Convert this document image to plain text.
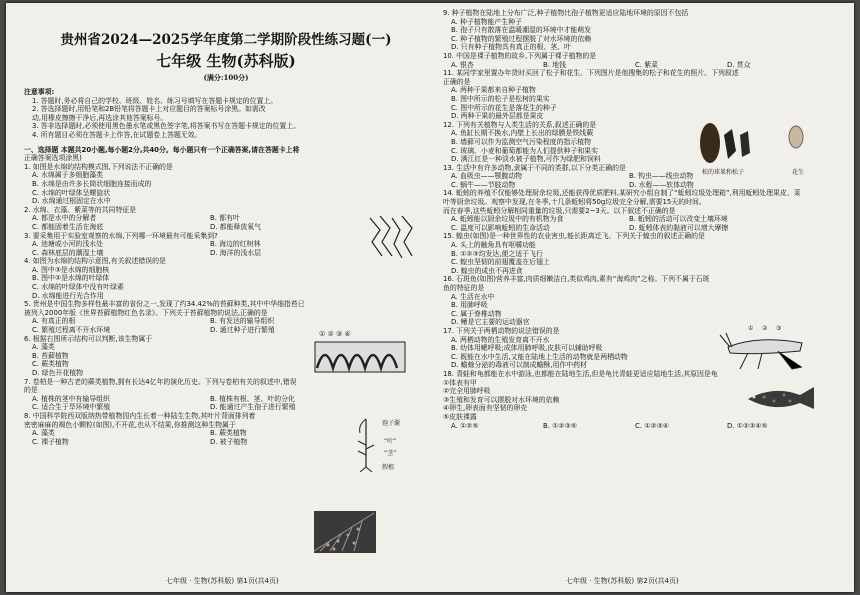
贵州省2024—2025学年度第二学期阶段性练习题(一)
七年级 生物(苏科版)
(满分:100分)
注意事项:
1. 答题时,务必将自己的学校、班级、姓名、练习号填写在答题卡规定的位置上。
2. 答选择题时,用铅笔和2B铅笔将答题卡上对应题目的答案标号涂黑。如需改
动,用橡皮擦擦干净后,再选涂其他答案标号。
3. 答非选择题时,必须使用黑色墨水笔或黑色签字笔,将答案书写在答题卡规定的位置上。
4. 所有题目必须在答题卡上作答,在试题卷上答题无效。
一、选择题 本题共20小题,每小题2分,共40分。每小题只有一个正确答案,请在答题卡上将
正确答案选项涂黑)
1. 如图是水绵的结构模式图,下列说法不正确的是
A. 水绵属于多细胞藻类
B. 水绵是由许多长筒状细胞连接而成的
C. 水绵的叶绿体呈螺旋状
D. 水绵通过根固定在水中
2. 水绵、衣藻、紫菜等的共同特征是
A. 都是水中的分解者	B. 都有叶
C. 都能固着生活在海底	D. 都能释放氧气
3. 要采集用于实验室观察的水绵,下列哪一环境最有可能采集到?
A. 池塘或小河的浅水处	B. 海边的红树林
C. 森林底层的潮湿土壤	D. 海洋的浅水层
4. 如图为水绵的结构示意图,有关叙述错误的是
A. 图中③是水绵的细胞核
B. 图中②是水绵的叶绿体
C. 水绵的叶绿体中没有叶绿素
D. 水绵能进行光合作用
5. 贵州是中国生物多样性最丰富的省份之一,发现了约34.42%的苔藓种类,其中中华细指苔已
被列入2000年版《世界苔藓植物红色名录》。下列关于苔藓植物的说法,正确的是
A. 有真正的根	B. 有发达的输导组织
C. 繁殖过程离不开水环境	D. 通过种子进行繁殖
6. 根据右图所示结构可以判断,该生物属于
A. 藻类
B. 苔藓植物
C. 蕨类植物
D. 绿色开花植物
7. 卷柏是一种古老的蕨类植物,拥有长达4亿年的演化历史。下列与卷柏有关的叙述中,错误
的是
A. 植株的茎中有输导组织	B. 植株有根、茎、叶的分化
C. 适合生于旱环境中繁殖	D. 能通过产生孢子进行繁殖
8. 中国科学院西双版纳热带植物园内生长着一种陆生生物,其叶片背面排列着
密密麻麻的褐色小颗粒(如图),不开花,也从不结果,你推测这种生物属于
A. 藻类	B. 蕨类植物
C. 裸子植物	D. 被子植物
9. 种子植物在陆地上分布广泛,种子植物比孢子植物更适应陆地环境的原因不包括
A. 种子植物能产生种子
B. 孢子只有散落在温暖潮湿的环境中才能萌发
C. 种子植物的繁殖过程摆脱了对水环境的依赖
D. 只有种子植物具有真正的根、茎、叶
10. 中国是裸子植物的故乡,下列属于裸子植物的是
A. 银杏	B. 地钱	C. 紫菜	D. 贯众
11. 某同学家里置办年货时买回了松子和花生。下列图片是他搜集的松子和花生的照片。下列叙述
正确的是
A. 两种干果都来自种子植物
B. 图中所示的松子是松树的果实
C. 图中所示的花生是落花生的种子
D. 两种干果的最外层都是果皮
12. 下列有关植物与人类生活的关系,叙述正确的是
A. 鱼缸长期不换水,内壁上长出的绿膜是铁线蕨
B. 墙藓可以作为监测空气污染程度的指示植物
C. 玻璃、小麦和葡萄都能为人们提供种子和果实
D. 满江红是一种淡水被子植物,可作为绿肥和饲料
13. 生活中有许多动物,隶属于不同的类群,以下分类正确的是
A. 血吸虫——颚腹动物	B. 钩虫——线虫动物
C. 蜗牛——节肢动物	D. 水蛭——软体动物
14. 蚯蚓的养殖不仅能够处理厨余垃圾,还能获得优质肥料,某研究小组自制了“蚯蚓垃圾处理箱”,利用蚯蚓处理果皮、菜
叶等厨余垃圾。观察中发现,在冬季,十几条蚯蚓将50g垃圾完全分解,需要15天的时间。
而在春季,这些蚯蚓分解相同重量的垃圾,只需要2~3天。以下叙述不正确的是
A. 蚯蚓能以厨余垃圾中的有机物为食	B. 蚯蚓的活动可以改变土壤环境
C. 温度可以影响蚯蚓的生命活动	D. 蚯蚓体表的黏液可以增大摩擦
15. 蝗虫(如图)是一种世界性的农业害虫,能长距离迁飞。下列关于蝗虫的叙述正确的是
A. 头上的触角具有呕嚼功能
B. ①②③均发达,便之适于飞行
C. 蝗虫坚韧的前翅覆盖在后翅上
D. 蝗虫的成虫不再进食
16. 石斑鱼(如图)营养丰富,肉质细嫩洁白,类似鸡肉,素有“海鸡肉”之称。下列不属于石斑
鱼的特征的是
A. 生活在水中
B. 用肺呼吸
C. 属于脊椎动物
D. 鳍是它主要的运动器官
17. 下列关于两栖动物的说法错误的是
A. 两栖动物的生殖发育离不开水
B. 幼体用鳃呼吸;成体用肺呼吸,皮肤可以辅助呼吸
C. 既能在水中生活,又能在陆地上生活的动物就是两栖动物
D. 蟾蜍分泌的毒液可以制成蟾酥,用作中药材
18. 青蛙和龟都能在水中游泳,也都能在陆地生活,但是龟比青蛙更适应陆地生活,其原因是龟
①体表有甲
②完全用肺呼吸
③生殖和发育可以摆脱对水环境的依赖
④卵生,卵表面有坚韧的卵壳
⑤皮肤裸露
A. ①②⑤	B. ①②③⑤	C. ①②③④	D. ①②③④⑤
① ② ③ ④
孢子囊
“叶”
“茎”
假根
松的球果和松子	花生
① ② ③
七年级 · 生物(苏科版) 第1页(共4页)	七年级 · 生物(苏科版) 第2页(共4页)
